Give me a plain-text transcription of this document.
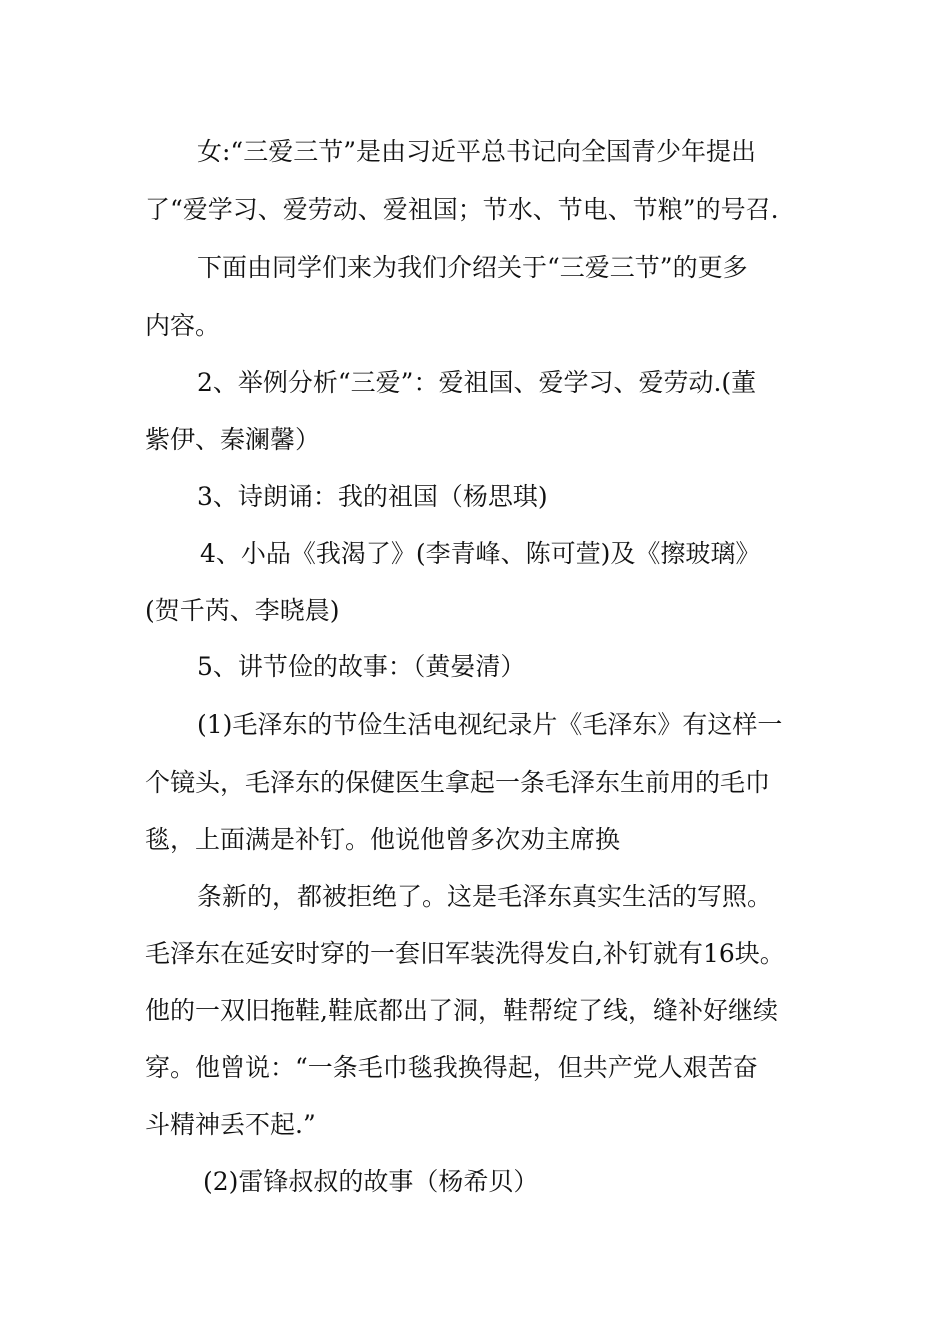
女:“三爱三节”是由习近平总书记向全国青少年提出
了“爱学习、爱劳动、爱祖国；节水、节电、节粮”的号召.
下面由同学们来为我们介绍关于“三爱三节”的更多
内容。
2、举例分析“三爱”：爱祖国、爱学习、爱劳动.(董
紫伊、秦澜馨）
3、诗朗诵：我的祖国（杨思琪)
4、小品《我渴了》(李青峰、陈可萱)及《擦玻璃》
(贺千芮、李晓晨)
5、讲节俭的故事：（黄晏清）
(1)毛泽东的节俭生活电视纪录片《毛泽东》有这样一
个镜头，毛泽东的保健医生拿起一条毛泽东生前用的毛巾
毯，上面满是补钉。他说他曾多次劝主席换
条新的，都被拒绝了。这是毛泽东真实生活的写照。
毛泽东在延安时穿的一套旧军装洗得发白,补钉就有16块。
他的一双旧拖鞋,鞋底都出了洞，鞋帮绽了线，缝补好继续
穿。他曾说：“一条毛巾毯我换得起，但共产党人艰苦奋
斗精神丢不起.”
(2)雷锋叔叔的故事（杨希贝）
